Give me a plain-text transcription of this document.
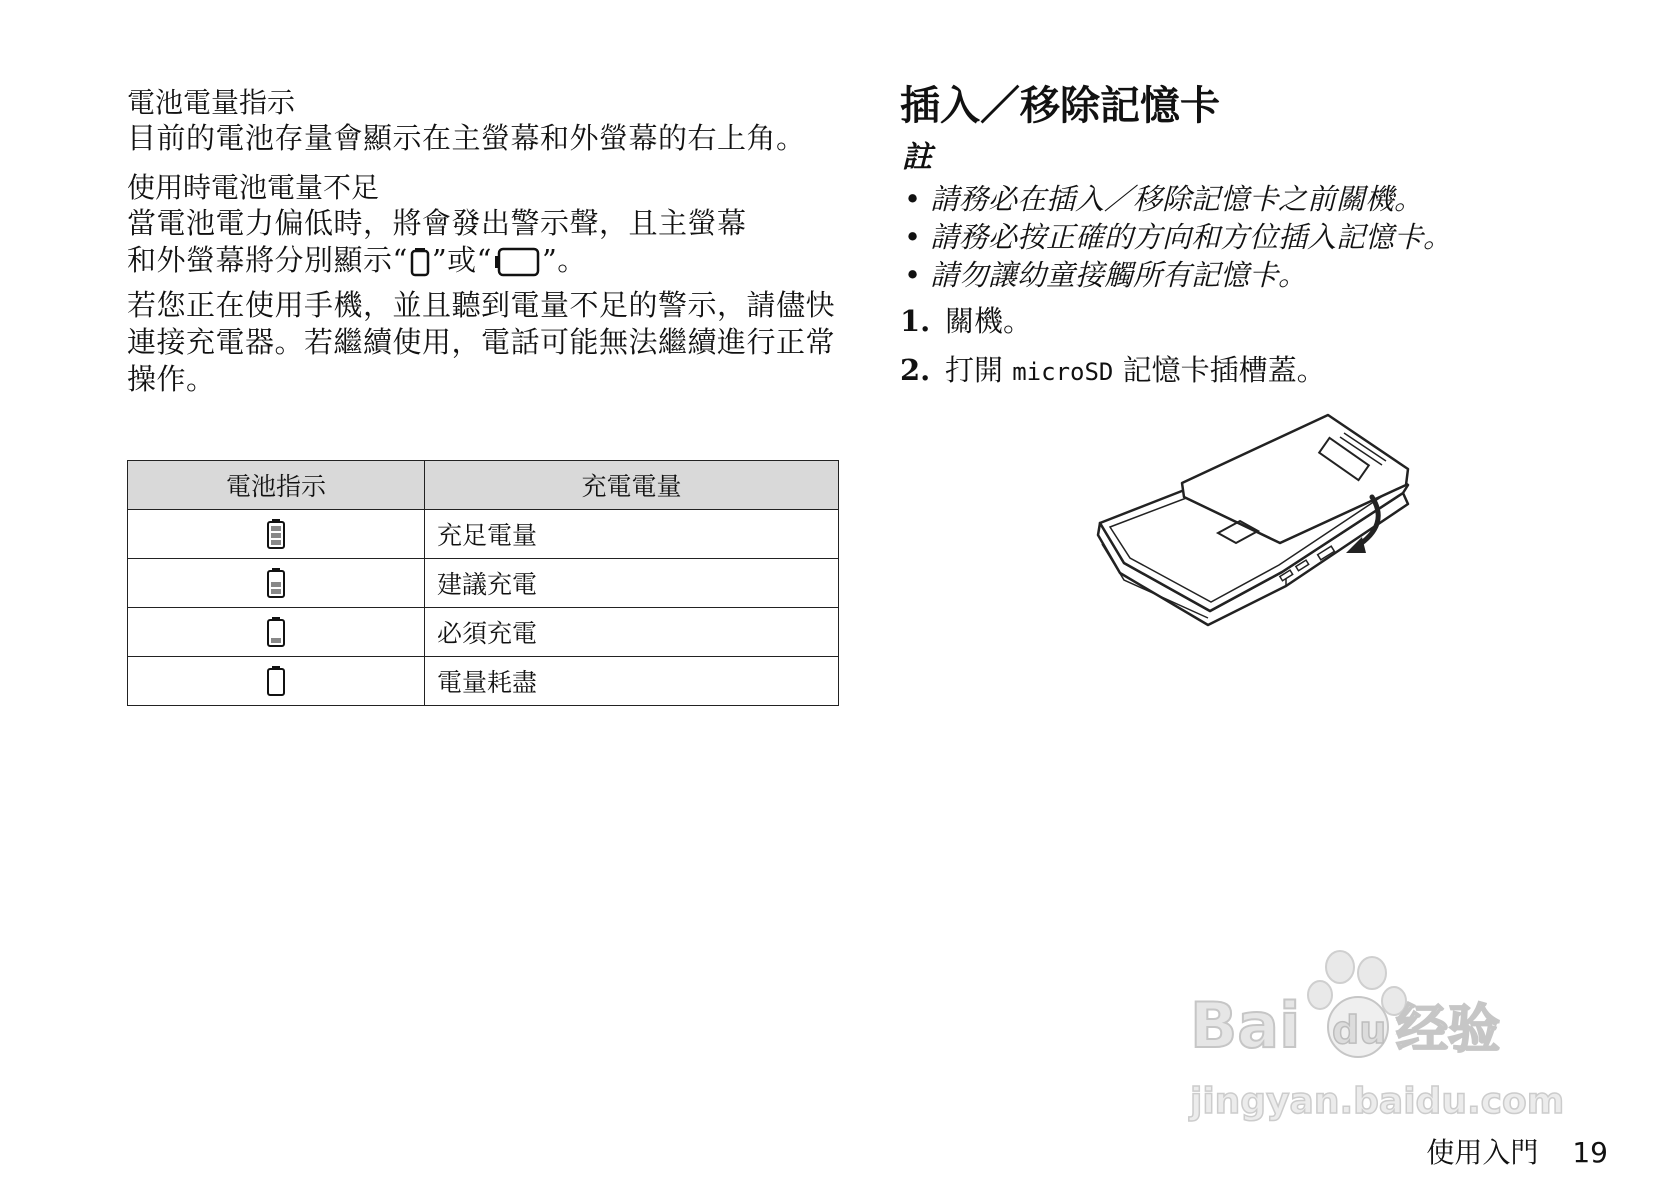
電池電量指示

目前的電池存量會顯示在主螢幕和外螢幕的右上角。

使用時電池電量不足

當電池電力偏低時，將會發出警示聲，且主螢幕
和外螢幕將分別顯示“ ”或“ ”。

若您正在使用手機，並且聽到電量不足的警示，請儘快連接充電器。若繼續使用，電話可能無法繼續進行正常操作。

電池指示	充電電量

	充足電量

	建議充電

	必須充電

	電量耗盡
插入／移除記憶卡

註

• 請務必在插入／移除記憶卡之前關機。
• 請務必按正確的方向和方位插入記憶卡。
• 請勿讓幼童接觸所有記憶卡。
1. 關機。
2. 打開 microSD 記憶卡插槽蓋。
Bai du 经验
jingyan.baidu.com
使用入門 19
